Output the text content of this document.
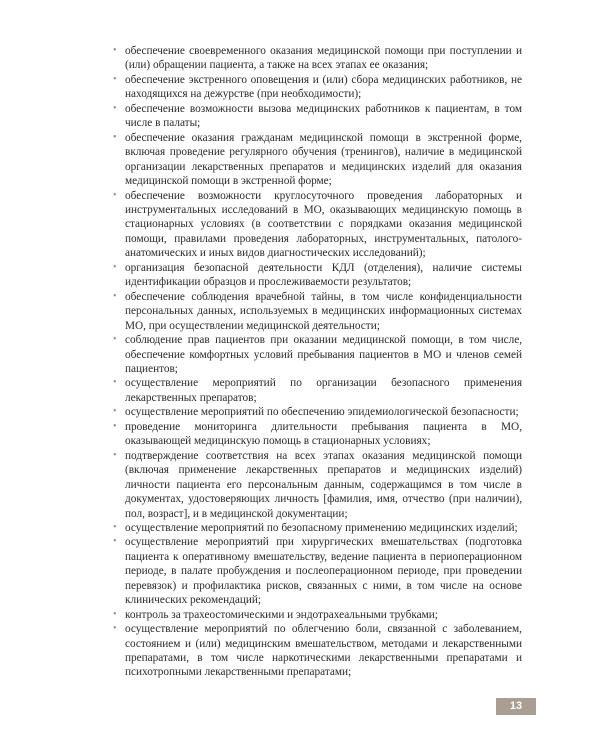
• обеспечение своевременного оказания медицинской помощи при поступлении и (или) обращении пациента, а также на всех этапах ее оказания;
• обеспечение экстренного оповещения и (или) сбора медицинских работников, не находящихся на дежурстве (при необходимости);
• обеспечение возможности вызова медицинских работников к пациентам, в том числе в палаты;
• обеспечение оказания гражданам медицинской помощи в экстренной форме, включая проведение регулярного обучения (тренингов), наличие в медицинской организации лекарственных препаратов и медицинских изделий для оказания медицинской помощи в экстренной форме;
• обеспечение возможности круглосуточного проведения лабораторных и инструментальных исследований в МО, оказывающих медицинскую помощь в стационарных условиях (в соответствии с порядками оказания медицинской помощи, правилами проведения лабораторных, инструментальных, патолого-анатомических и иных видов диагностических исследований);
• организация безопасной деятельности КДЛ (отделения), наличие системы идентификации образцов и прослеживаемости результатов;
• обеспечение соблюдения врачебной тайны, в том числе конфиденциальности персональных данных, используемых в медицинских информационных системах МО, при осуществлении медицинской деятельности;
• соблюдение прав пациентов при оказании медицинской помощи, в том числе, обеспечение комфортных условий пребывания пациентов в МО и членов семей пациентов;
• осуществление мероприятий по организации безопасного применения лекарственных препаратов;
• осуществление мероприятий по обеспечению эпидемиологической безопасности;
• проведение мониторинга длительности пребывания пациента в МО, оказывающей медицинскую помощь в стационарных условиях;
• подтверждение соответствия на всех этапах оказания медицинской помощи (включая применение лекарственных препаратов и медицинских изделий) личности пациента его персональным данным, содержащимся в том числе в документах, удостоверяющих личность [фамилия, имя, отчество (при наличии), пол, возраст], и в медицинской документации;
• осуществление мероприятий по безопасному применению медицинских изделий;
• осуществление мероприятий при хирургических вмешательствах (подготовка пациента к оперативному вмешательству, ведение пациента в периоперационном периоде, в палате пробуждения и послеоперационном периоде, при проведении перевязок) и профилактика рисков, связанных с ними, в том числе на основе клинических рекомендаций;
• контроль за трахеостомическими и эндотрахеальными трубками;
• осуществление мероприятий по облегчению боли, связанной с заболеванием, состоянием и (или) медицинским вмешательством, методами и лекарственными препаратами, в том числе наркотическими лекарственными препаратами и психотропными лекарственными препаратами;
13
